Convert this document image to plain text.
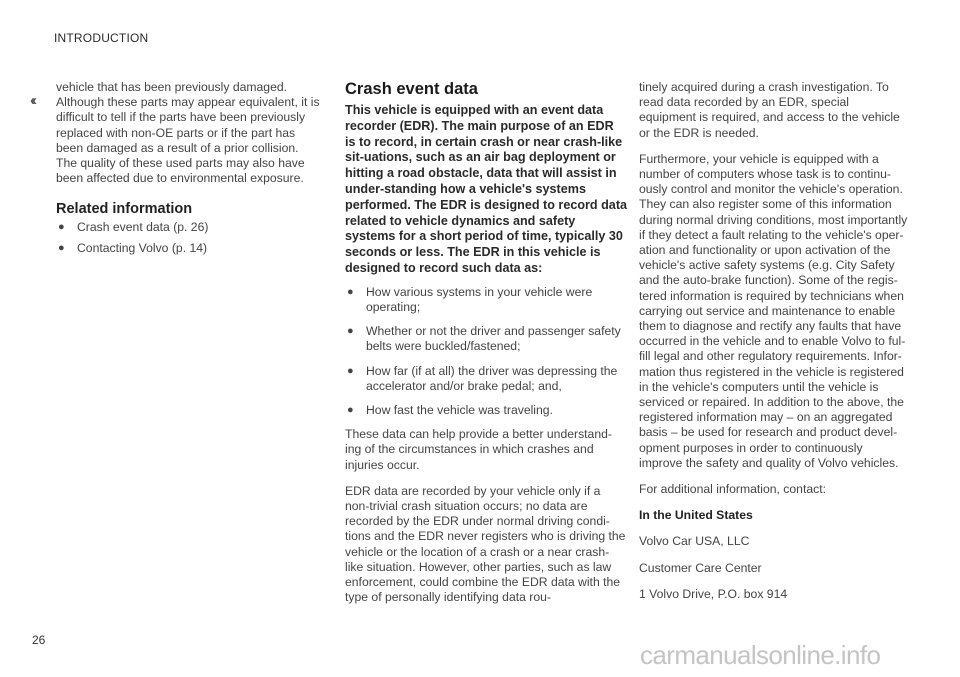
INTRODUCTION
‹‹

vehicle that has been previously damaged. Although these parts may appear equivalent, it is difficult to tell if the parts have been previously replaced with non-OE parts or if the part has been damaged as a result of a prior collision. The quality of these used parts may also have been affected due to environmental exposure.

Related information
● Crash event data (p. 26)
● Contacting Volvo (p. 14)
Crash event data

This vehicle is equipped with an event data recorder (EDR). The main purpose of an EDR is to record, in certain crash or near crash-like sit-uations, such as an air bag deployment or hitting a road obstacle, data that will assist in under-standing how a vehicle's systems performed. The EDR is designed to record data related to vehicle dynamics and safety systems for a short period of time, typically 30 seconds or less. The EDR in this vehicle is designed to record such data as:

● How various systems in your vehicle were operating;
● Whether or not the driver and passenger safety belts were buckled/fastened;
● How far (if at all) the driver was depressing the accelerator and/or brake pedal; and,
● How fast the vehicle was traveling.

These data can help provide a better understand-ing of the circumstances in which crashes and injuries occur.

EDR data are recorded by your vehicle only if a non-trivial crash situation occurs; no data are recorded by the EDR under normal driving condi-tions and the EDR never registers who is driving the vehicle or the location of a crash or a near crash-like situation. However, other parties, such as law enforcement, could combine the EDR data with the type of personally identifying data rou-

tinely acquired during a crash investigation. To read data recorded by an EDR, special equipment is required, and access to the vehicle or the EDR is needed.

Furthermore, your vehicle is equipped with a number of computers whose task is to continu-ously control and monitor the vehicle's operation. They can also register some of this information during normal driving conditions, most importantly if they detect a fault relating to the vehicle's oper-ation and functionality or upon activation of the vehicle's active safety systems (e.g. City Safety and the auto-brake function). Some of the regis-tered information is required by technicians when carrying out service and maintenance to enable them to diagnose and rectify any faults that have occurred in the vehicle and to enable Volvo to ful-fill legal and other regulatory requirements. Infor-mation thus registered in the vehicle is registered in the vehicle's computers until the vehicle is serviced or repaired. In addition to the above, the registered information may – on an aggregated basis – be used for research and product devel-opment purposes in order to continuously improve the safety and quality of Volvo vehicles.

For additional information, contact:

In the United States

Volvo Car USA, LLC

Customer Care Center

1 Volvo Drive, P.O. box 914

26	carmanualsonline.info
